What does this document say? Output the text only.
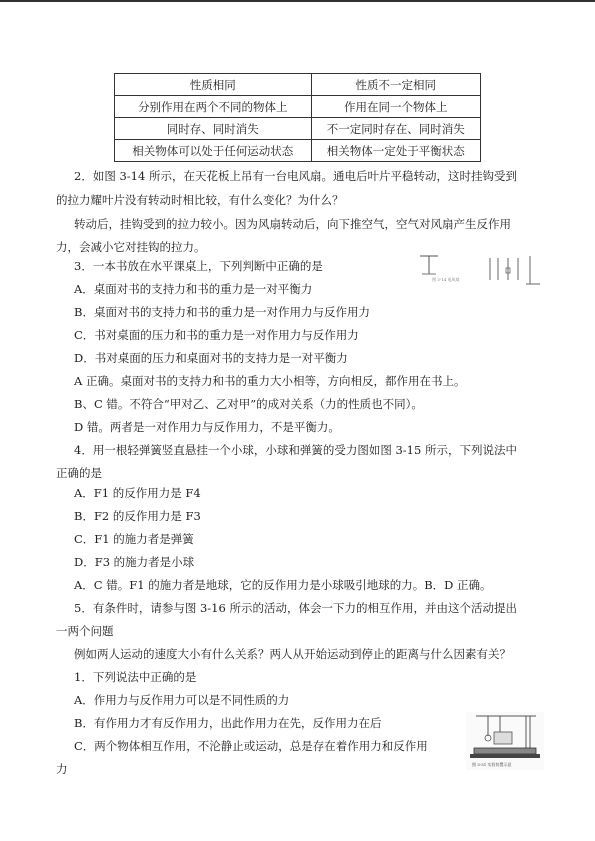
性质相同	性质不一定相同
分别作用在两个不同的物体上	作用在同一个物体上
同时存、同时消失	不一定同时存在、同时消失
相关物体可以处于任何运动状态	相关物体一定处于平衡状态
2．如图 3-14 所示，在天花板上吊有一台电风扇。通电后叶片平稳转动，这时挂钩受到
的拉力耀叶片没有转动时相比较，有什么变化？为什么？
转动后，挂钩受到的拉力较小。因为风扇转动后，向下推空气，空气对风扇产生反作用
力，会减小它对挂钩的拉力。
3．一本书放在水平课桌上，下列判断中正确的是
A．桌面对书的支持力和书的重力是一对平衡力
B．桌面对书的支持力和书的重力是一对作用力与反作用力
C．书对桌面的压力和书的重力是一对作用力与反作用力
D．书对桌面的压力和桌面对书的支持力是一对平衡力
A 正确。桌面对书的支持力和书的重力大小相等，方向相反，都作用在书上。
B、C 错。不符合“甲对乙、乙对甲”的成对关系（力的性质也不同）。
D 错。两者是一对作用力与反作用力，不是平衡力。
4．用一根轻弹簧竖直悬挂一个小球，小球和弹簧的受力图如图 3-15 所示，下列说法中
正确的是
A．F1 的反作用力是 F4
B．F2 的反作用力是 F3
C．F1 的施力者是弹簧
D．F3 的施力者是小球
A．C 错。F1 的施力者是地球，它的反作用力是小球吸引地球的力。B．D 正确。
5．有条件时，请参与图 3-16 所示的活动，体会一下力的相互作用，并由这个活动提出
一两个问题
例如两人运动的速度大小有什么关系？两人从开始运动到停止的距离与什么因素有关？
1．下列说法中正确的是
A．作用力与反作用力可以是不同性质的力
B．有作用力才有反作用力，出此作用力在先，反作用力在后
C．两个物体相互作用，不沦静止或运动，总是存在着作用力和反作用
力
图 3-14 电风扇
图 3-31 实验装置示意
